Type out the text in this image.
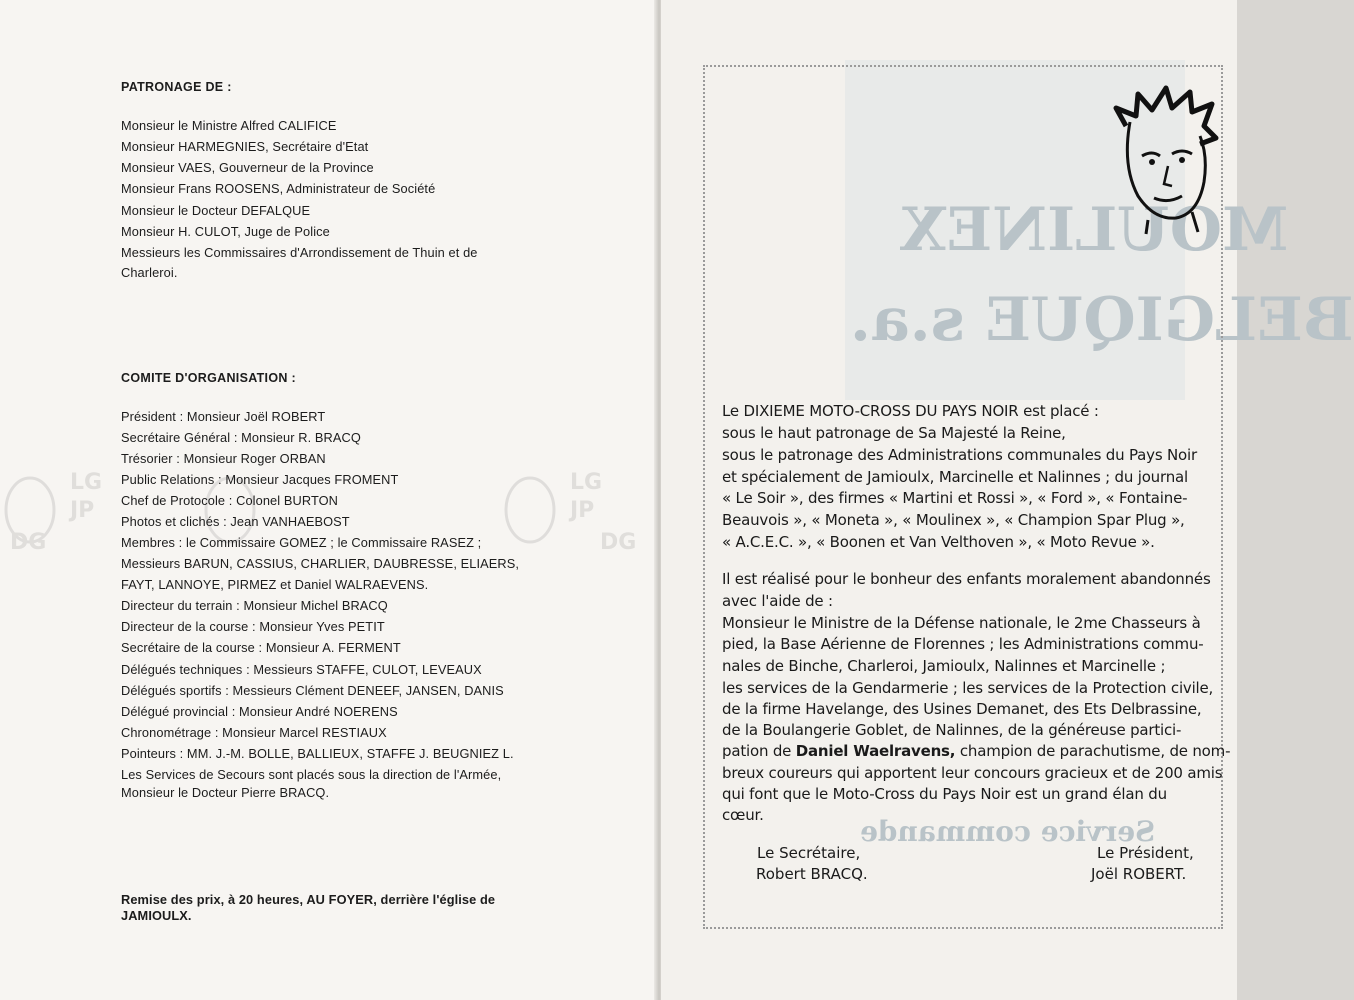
LG
JP
DG
LG
JP
DG
PATRONAGE DE :
Monsieur le Ministre Alfred CALIFICE
Monsieur HARMEGNIES, Secrétaire d'Etat
Monsieur VAES, Gouverneur de la Province
Monsieur Frans ROOSENS, Administrateur de Société
Monsieur le Docteur DEFALQUE
Monsieur H. CULOT, Juge de Police
Messieurs les Commissaires d'Arrondissement de Thuin et de
Charleroi.
COMITE D'ORGANISATION :
Président : Monsieur Joël ROBERT
Secrétaire Général : Monsieur R. BRACQ
Trésorier : Monsieur Roger ORBAN
Public Relations : Monsieur Jacques FROMENT
Chef de Protocole : Colonel BURTON
Photos et clichés : Jean VANHAEBOST
Membres : le Commissaire GOMEZ ; le Commissaire RASEZ ;
Messieurs BARUN, CASSIUS, CHARLIER, DAUBRESSE, ELIAERS,
FAYT, LANNOYE, PIRMEZ et Daniel WALRAEVENS.
Directeur du terrain : Monsieur Michel BRACQ
Directeur de la course : Monsieur Yves PETIT
Secrétaire de la course : Monsieur A. FERMENT
Délégués techniques : Messieurs STAFFE, CULOT, LEVEAUX
Délégués sportifs : Messieurs Clément DENEEF, JANSEN, DANIS
Délégué provincial : Monsieur André NOERENS
Chronométrage : Monsieur Marcel RESTIAUX
Pointeurs : MM. J.-M. BOLLE, BALLIEUX, STAFFE J. BEUGNIEZ L.
Les Services de Secours sont placés sous la direction de l'Armée,
Monsieur le Docteur Pierre BRACQ.
Remise des prix, à 20 heures, AU FOYER, derrière l'église de
JAMIOULX.
MOULINEX
BELGIQUE s.a.
Service commande
Le DIXIEME MOTO-CROSS DU PAYS NOIR est placé :
sous le haut patronage de Sa Majesté la Reine,
sous le patronage des Administrations communales du Pays Noir
et spécialement de Jamioulx, Marcinelle et Nalinnes ; du journal
« Le Soir », des firmes « Martini et Rossi », « Ford », « Fontaine-
Beauvois », « Moneta », « Moulinex », « Champion Spar Plug »,
« A.C.E.C. », « Boonen et Van Velthoven », « Moto Revue ».
Il est réalisé pour le bonheur des enfants moralement abandonnés
avec l'aide de :
Monsieur le Ministre de la Défense nationale, le 2me Chasseurs à
pied, la Base Aérienne de Florennes ; les Administrations commu-
nales de Binche, Charleroi, Jamioulx, Nalinnes et Marcinelle ;
les services de la Gendarmerie ; les services de la Protection civile,
de la firme Havelange, des Usines Demanet, des Ets Delbrassine,
de la Boulangerie Goblet, de Nalinnes, de la généreuse partici-
pation de Daniel Waelravens, champion de parachutisme, de nom-
breux coureurs qui apportent leur concours gracieux et de 200 amis
qui font que le Moto-Cross du Pays Noir est un grand élan du
cœur.
Le Secrétaire,
Robert BRACQ.
Le Président,
Joël ROBERT.
